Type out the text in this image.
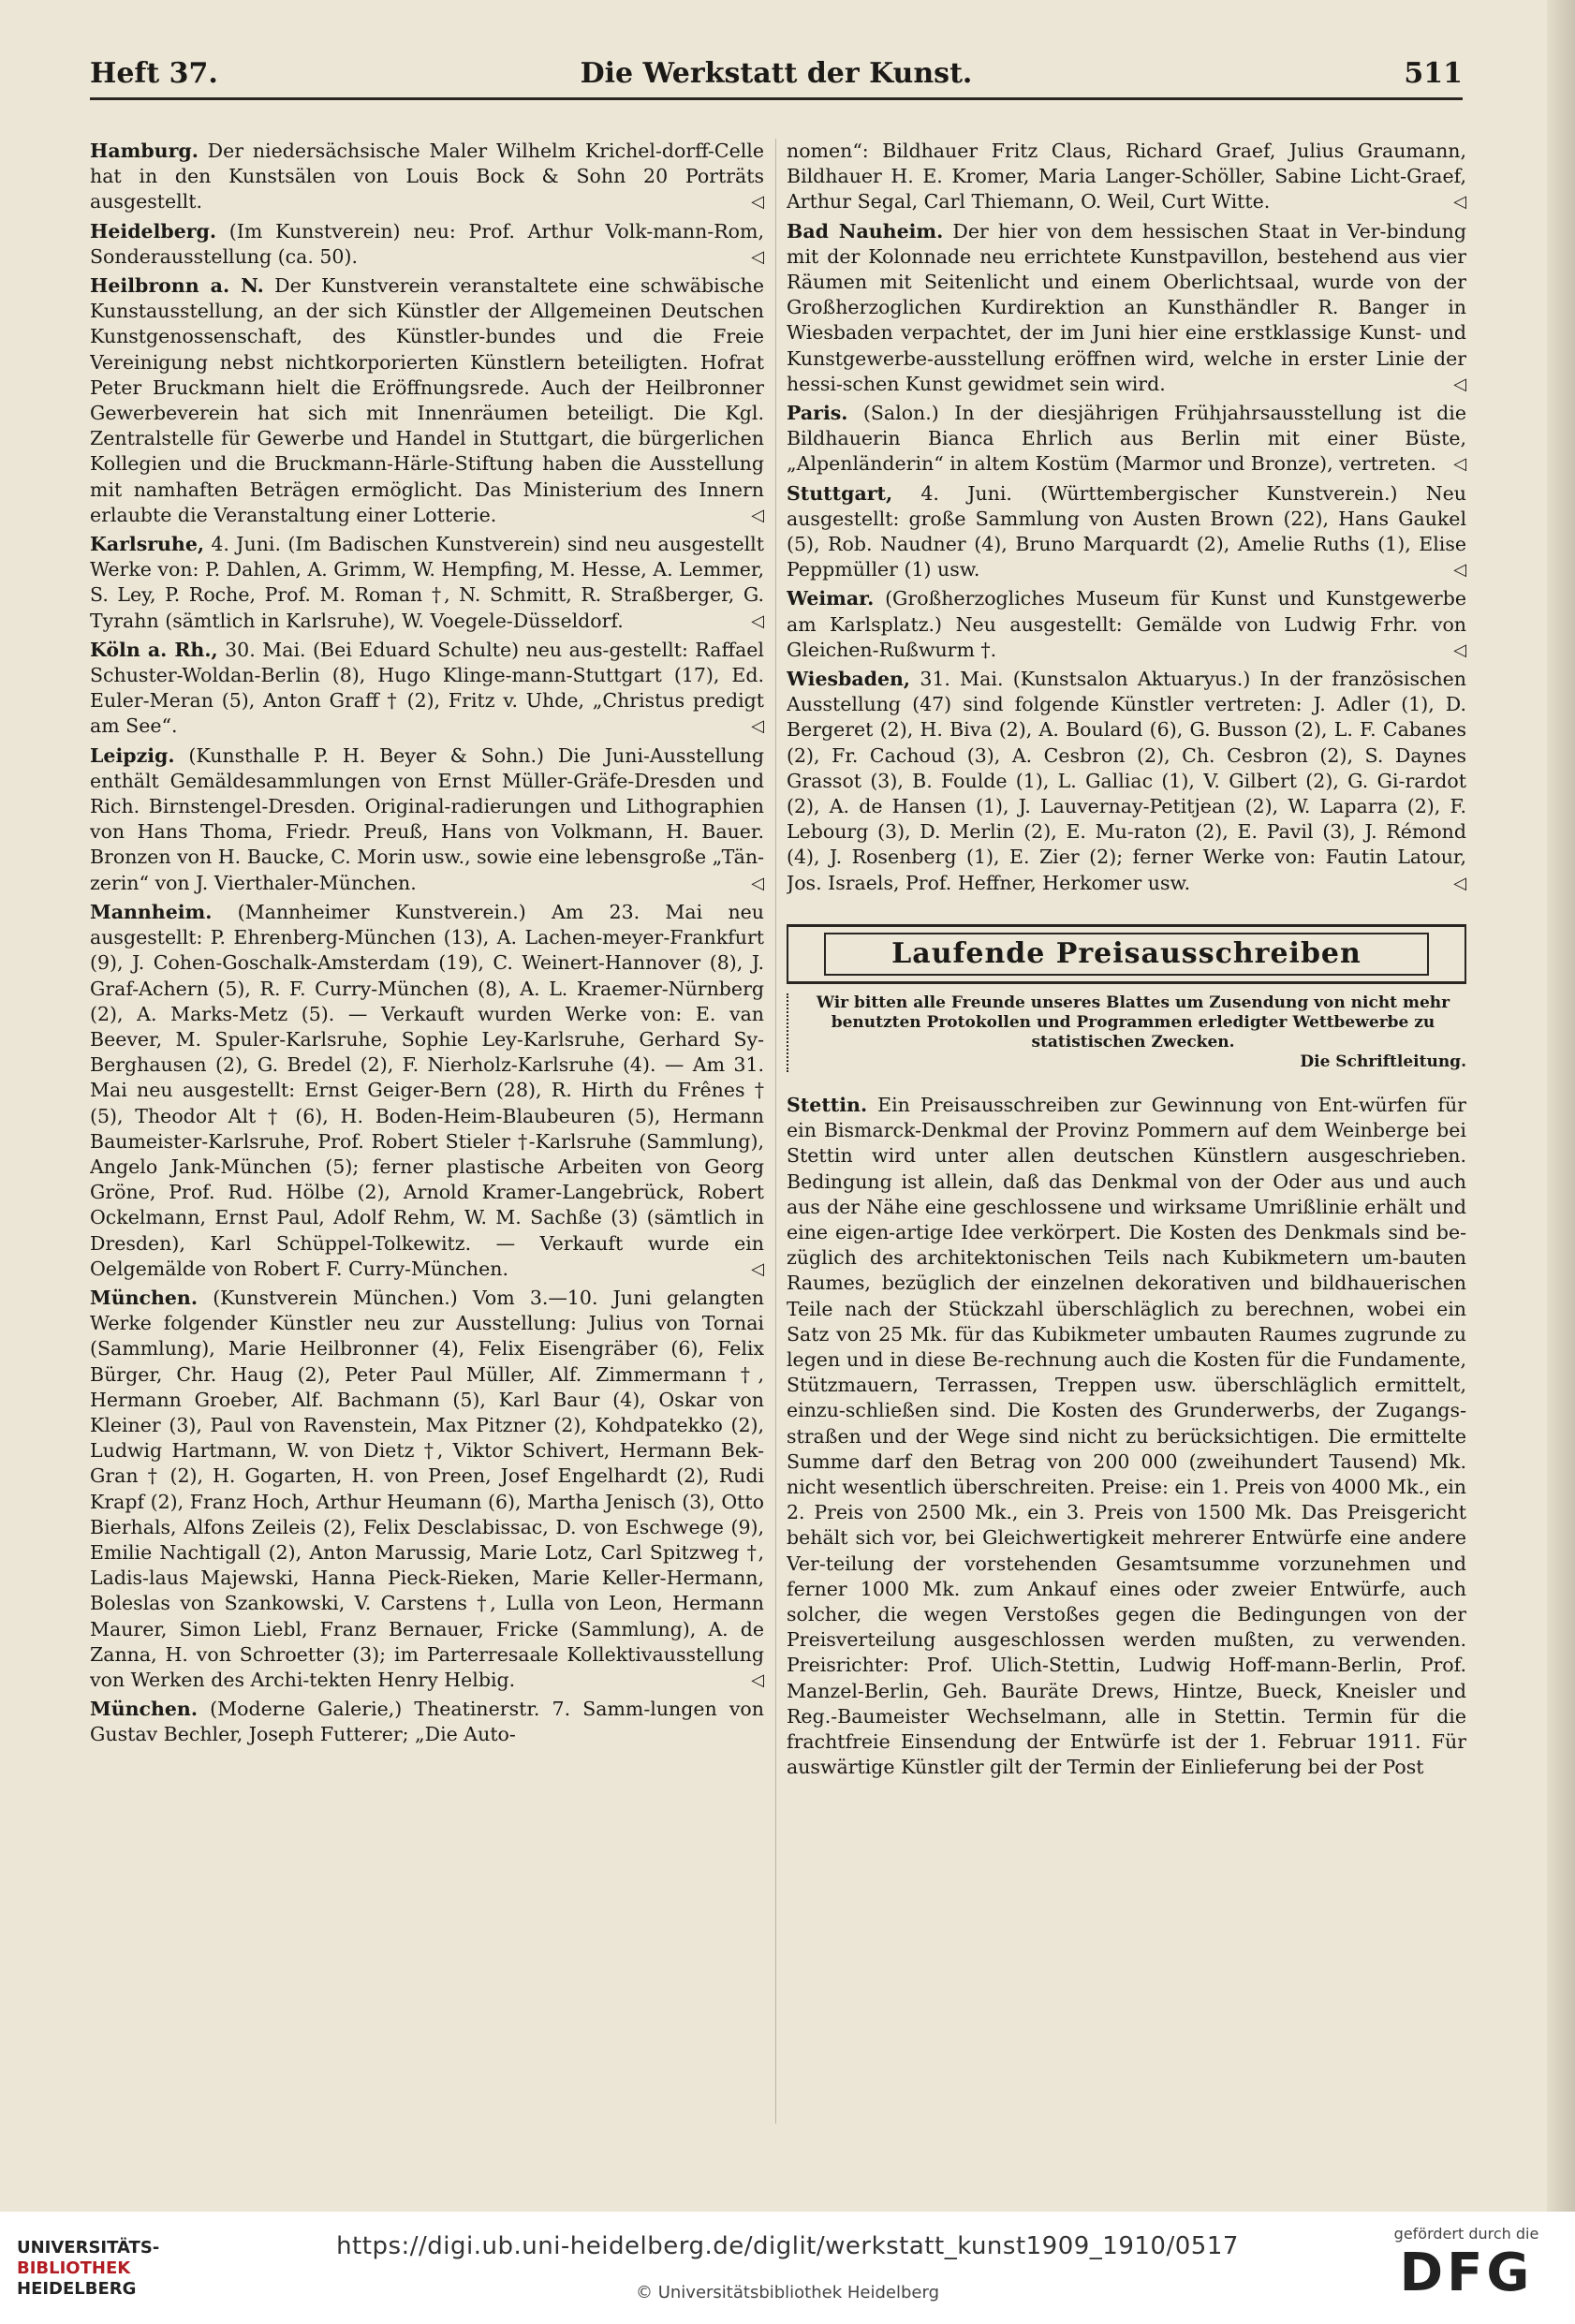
Heft 37.	Die Werkstatt der Kunst.	511

Hamburg. Der niedersächsische Maler Wilhelm Krichel-dorff-Celle hat in den Kunstsälen von Louis Bock & Sohn 20 Porträts ausgestellt.	◁

Heidelberg. (Im Kunstverein) neu: Prof. Arthur Volk-mann-Rom, Sonderausstellung (ca. 50).	◁

Heilbronn a. N. Der Kunstverein veranstaltete eine schwäbische Kunstausstellung, an der sich Künstler der Allgemeinen Deutschen Kunstgenossenschaft, des Künstler-bundes und die Freie Vereinigung nebst nichtkorporierten Künstlern beteiligten. Hofrat Peter Bruckmann hielt die Eröffnungsrede. Auch der Heilbronner Gewerbeverein hat sich mit Innenräumen beteiligt. Die Kgl. Zentralstelle für Gewerbe und Handel in Stuttgart, die bürgerlichen Kollegien und die Bruckmann-Härle-Stiftung haben die Ausstellung mit namhaften Beträgen ermöglicht. Das Ministerium des Innern erlaubte die Veranstaltung einer Lotterie.	◁

Karlsruhe, 4. Juni. (Im Badischen Kunstverein) sind neu ausgestellt Werke von: P. Dahlen, A. Grimm, W. Hempfing, M. Hesse, A. Lemmer, S. Ley, P. Roche, Prof. M. Roman †, N. Schmitt, R. Straßberger, G. Tyrahn (sämtlich in Karlsruhe), W. Voegele-Düsseldorf.	◁

Köln a. Rh., 30. Mai. (Bei Eduard Schulte) neu aus-gestellt: Raffael Schuster-Woldan-Berlin (8), Hugo Klinge-mann-Stuttgart (17), Ed. Euler-Meran (5), Anton Graff † (2), Fritz v. Uhde, „Christus predigt am See“.	◁

Leipzig. (Kunsthalle P. H. Beyer & Sohn.) Die Juni-Ausstellung enthält Gemäldesammlungen von Ernst Müller-Gräfe-Dresden und Rich. Birnstengel-Dresden. Original-radierungen und Lithographien von Hans Thoma, Friedr. Preuß, Hans von Volkmann, H. Bauer. Bronzen von H. Baucke, C. Morin usw., sowie eine lebensgroße „Tän-zerin“ von J. Vierthaler-München.	◁

Mannheim. (Mannheimer Kunstverein.) Am 23. Mai neu ausgestellt: P. Ehrenberg-München (13), A. Lachen-meyer-Frankfurt (9), J. Cohen-Goschalk-Amsterdam (19), C. Weinert-Hannover (8), J. Graf-Achern (5), R. F. Curry-München (8), A. L. Kraemer-Nürnberg (2), A. Marks-Metz (5). — Verkauft wurden Werke von: E. van Beever, M. Spuler-Karlsruhe, Sophie Ley-Karlsruhe, Gerhard Sy-Berghausen (2), G. Bredel (2), F. Nierholz-Karlsruhe (4). — Am 31. Mai neu ausgestellt: Ernst Geiger-Bern (28), R. Hirth du Frênes † (5), Theodor Alt † (6), H. Boden-Heim-Blaubeuren (5), Hermann Baumeister-Karlsruhe, Prof. Robert Stieler †-Karlsruhe (Sammlung), Angelo Jank-München (5); ferner plastische Arbeiten von Georg Gröne, Prof. Rud. Hölbe (2), Arnold Kramer-Langebrück, Robert Ockelmann, Ernst Paul, Adolf Rehm, W. M. Sachße (3) (sämtlich in Dresden), Karl Schüppel-Tolkewitz. — Verkauft wurde ein Oelgemälde von Robert F. Curry-München.	◁

München. (Kunstverein München.) Vom 3.—10. Juni gelangten Werke folgender Künstler neu zur Ausstellung: Julius von Tornai (Sammlung), Marie Heilbronner (4), Felix Eisengräber (6), Felix Bürger, Chr. Haug (2), Peter Paul Müller, Alf. Zimmermann †, Hermann Groeber, Alf. Bachmann (5), Karl Baur (4), Oskar von Kleiner (3), Paul von Ravenstein, Max Pitzner (2), Kohdpatekko (2), Ludwig Hartmann, W. von Dietz †, Viktor Schivert, Hermann Bek-Gran † (2), H. Gogarten, H. von Preen, Josef Engelhardt (2), Rudi Krapf (2), Franz Hoch, Arthur Heumann (6), Martha Jenisch (3), Otto Bierhals, Alfons Zeileis (2), Felix Desclabissac, D. von Eschwege (9), Emilie Nachtigall (2), Anton Marussig, Marie Lotz, Carl Spitzweg †, Ladis-laus Majewski, Hanna Pieck-Rieken, Marie Keller-Hermann, Boleslas von Szankowski, V. Carstens †, Lulla von Leon, Hermann Maurer, Simon Liebl, Franz Bernauer, Fricke (Sammlung), A. de Zanna, H. von Schroetter (3); im Parterresaale Kollektivausstellung von Werken des Archi-tekten Henry Helbig.	◁

München. (Moderne Galerie,) Theatinerstr. 7. Samm-lungen von Gustav Bechler, Joseph Futterer; „Die Auto-

nomen“: Bildhauer Fritz Claus, Richard Graef, Julius Graumann, Bildhauer H. E. Kromer, Maria Langer-Schöller, Sabine Licht-Graef, Arthur Segal, Carl Thiemann, O. Weil, Curt Witte.	◁

Bad Nauheim. Der hier von dem hessischen Staat in Ver-bindung mit der Kolonnade neu errichtete Kunstpavillon, bestehend aus vier Räumen mit Seitenlicht und einem Oberlichtsaal, wurde von der Großherzoglichen Kurdirektion an Kunsthändler R. Banger in Wiesbaden verpachtet, der im Juni hier eine erstklassige Kunst- und Kunstgewerbe-ausstellung eröffnen wird, welche in erster Linie der hessi-schen Kunst gewidmet sein wird.	◁

Paris. (Salon.) In der diesjährigen Frühjahrsausstellung ist die Bildhauerin Bianca Ehrlich aus Berlin mit einer Büste, „Alpenländerin“ in altem Kostüm (Marmor und Bronze), vertreten. ◁

Stuttgart, 4. Juni. (Württembergischer Kunstverein.) Neu ausgestellt: große Sammlung von Austen Brown (22), Hans Gaukel (5), Rob. Naudner (4), Bruno Marquardt (2), Amelie Ruths (1), Elise Peppmüller (1) usw.	◁

Weimar. (Großherzogliches Museum für Kunst und Kunstgewerbe am Karlsplatz.) Neu ausgestellt: Gemälde von Ludwig Frhr. von Gleichen-Rußwurm †.	◁

Wiesbaden, 31. Mai. (Kunstsalon Aktuaryus.) In der französischen Ausstellung (47) sind folgende Künstler vertreten: J. Adler (1), D. Bergeret (2), H. Biva (2), A. Boulard (6), G. Busson (2), L. F. Cabanes (2), Fr. Cachoud (3), A. Cesbron (2), Ch. Cesbron (2), S. Daynes Grassot (3), B. Foulde (1), L. Galliac (1), V. Gilbert (2), G. Gi-rardot (2), A. de Hansen (1), J. Lauvernay-Petitjean (2), W. Laparra (2), F. Lebourg (3), D. Merlin (2), E. Mu-raton (2), E. Pavil (3), J. Rémond (4), J. Rosenberg (1), E. Zier (2); ferner Werke von: Fautin Latour, Jos. Israels, Prof. Heffner, Herkomer usw.	◁

Laufende Preisausschreiben
Wir bitten alle Freunde unseres Blattes um Zusendung von nicht mehr benutzten Protokollen und Programmen erledigter Wettbewerbe zu statistischen Zwecken.
Die Schriftleitung.

Stettin. Ein Preisausschreiben zur Gewinnung von Ent-würfen für ein Bismarck-Denkmal der Provinz Pommern auf dem Weinberge bei Stettin wird unter allen deutschen Künstlern ausgeschrieben. Bedingung ist allein, daß das Denkmal von der Oder aus und auch aus der Nähe eine geschlossene und wirksame Umrißlinie erhält und eine eigen-artige Idee verkörpert. Die Kosten des Denkmals sind be-züglich des architektonischen Teils nach Kubikmetern um-bauten Raumes, bezüglich der einzelnen dekorativen und bildhauerischen Teile nach der Stückzahl überschläglich zu berechnen, wobei ein Satz von 25 Mk. für das Kubikmeter umbauten Raumes zugrunde zu legen und in diese Be-rechnung auch die Kosten für die Fundamente, Stützmauern, Terrassen, Treppen usw. überschläglich ermittelt, einzu-schließen sind. Die Kosten des Grunderwerbs, der Zugangs-straßen und der Wege sind nicht zu berücksichtigen. Die ermittelte Summe darf den Betrag von 200 000 (zweihundert Tausend) Mk. nicht wesentlich überschreiten. Preise: ein 1. Preis von 4000 Mk., ein 2. Preis von 2500 Mk., ein 3. Preis von 1500 Mk. Das Preisgericht behält sich vor, bei Gleichwertigkeit mehrerer Entwürfe eine andere Ver-teilung der vorstehenden Gesamtsumme vorzunehmen und ferner 1000 Mk. zum Ankauf eines oder zweier Entwürfe, auch solcher, die wegen Verstoßes gegen die Bedingungen von der Preisverteilung ausgeschlossen werden mußten, zu verwenden. Preisrichter: Prof. Ulich-Stettin, Ludwig Hoff-mann-Berlin, Prof. Manzel-Berlin, Geh. Bauräte Drews, Hintze, Bueck, Kneisler und Reg.-Baumeister Wechselmann, alle in Stettin. Termin für die frachtfreie Einsendung der Entwürfe ist der 1. Februar 1911. Für auswärtige Künstler gilt der Termin der Einlieferung bei der Post

UNIVERSITÄTS-
BIBLIOTHEK
HEIDELBERG
https://digi.ub.uni-heidelberg.de/diglit/werkstatt_kunst1909_1910/0517
© Universitätsbibliothek Heidelberg
gefördert durch die
DFG
